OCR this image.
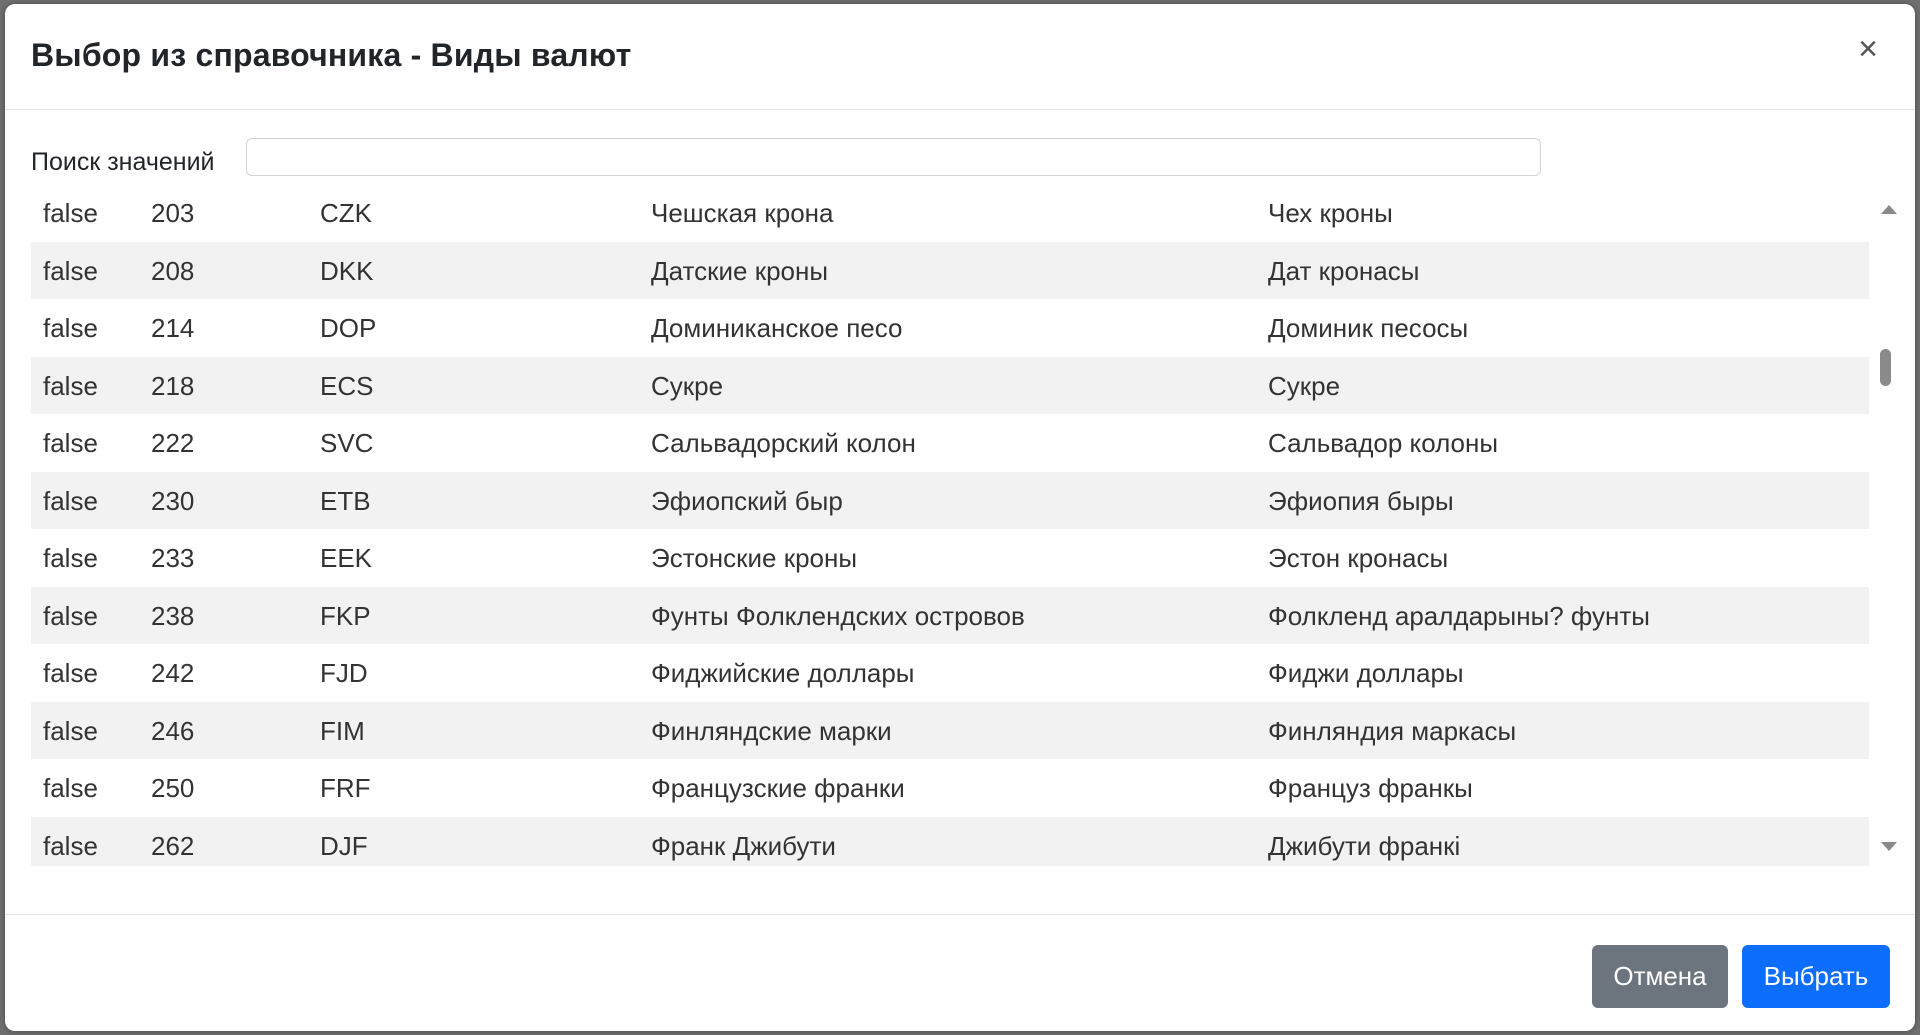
Выбор из справочника - Виды валют	×
Поиск значений
false 203	CZK	Чешская крона	Чех кроны
false 208	DKK	Датские кроны	Дат кронасы
false 214	DOP	Доминиканское песо	Доминик песосы
false 218	ECS	Сукре	Сукре
false 222	SVC	Сальвадорский колон	Сальвадор колоны
false 230	ETB	Эфиопский быр	Эфиопия быры
false 233	EEK	Эстонские кроны	Эстон кронасы
false 238	FKP	Фунты Фолклендских островов	Фолкленд аралдарыны? фунты
false 242	FJD	Фиджийские доллары	Фиджи доллары
false 246	FIM	Финляндские марки	Финляндия маркасы
false 250	FRF	Французские франки	Француз франкы
false 262	DJF	Франк Джибути	Джибути франкі
Отмена	Выбрать
